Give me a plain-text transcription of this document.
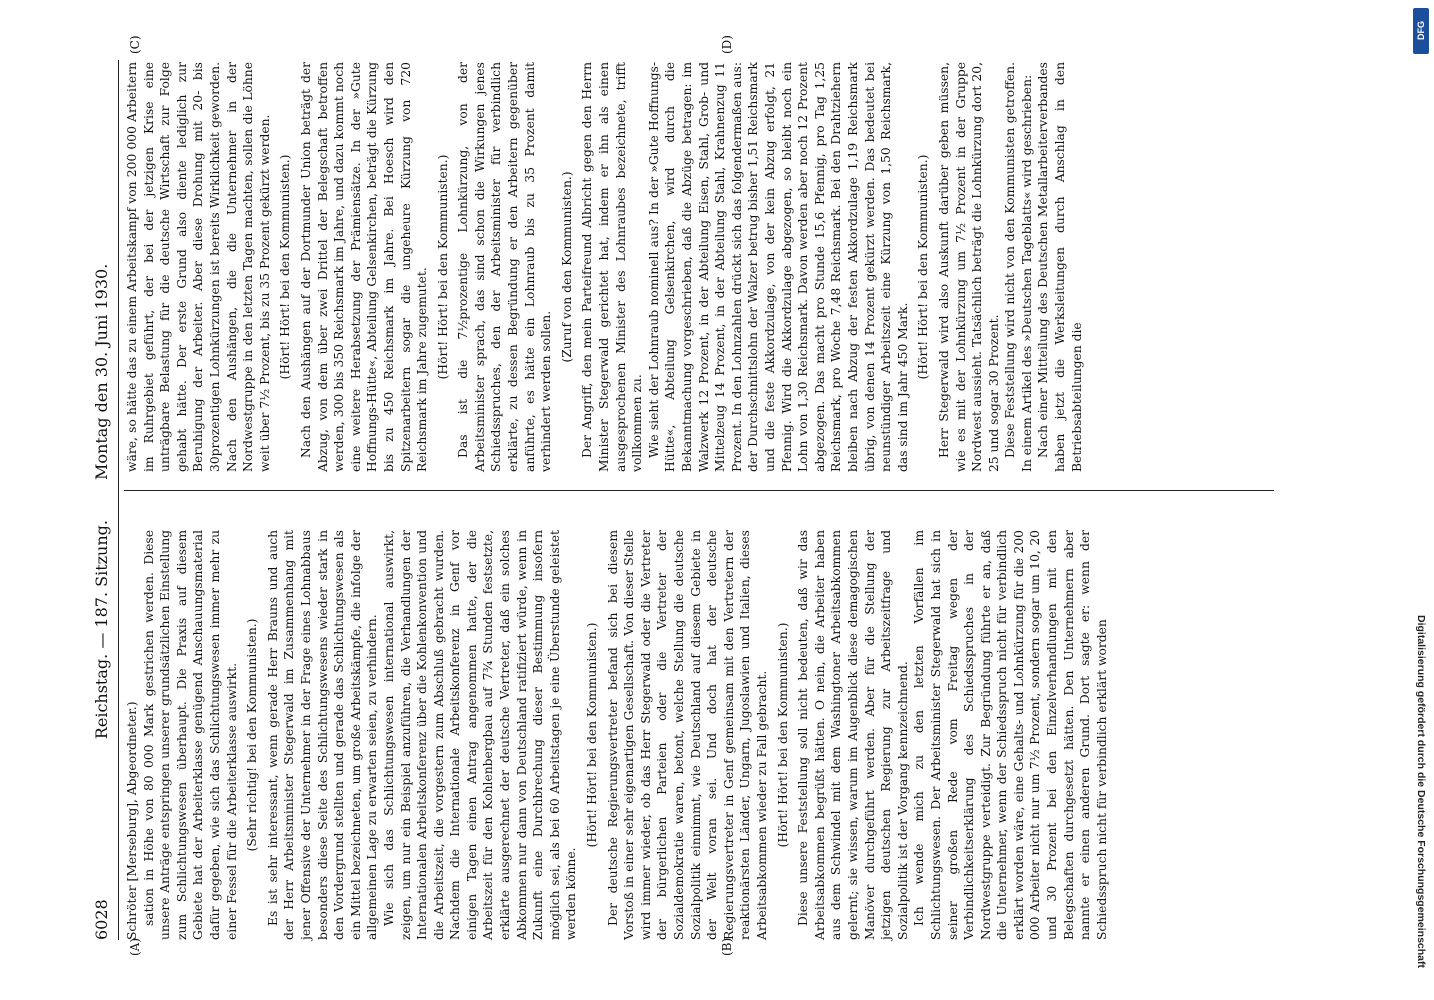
6028
Reichstag. — 187. Sitzung.
Montag den 30. Juni 1930.
(A)	(B)
(C)	(D)

Schröter [Merseburg], Abgeordneter.) sation in Höhe von 80 000 Mark gestrichen werden. Diese unsere Anträge entspringen unserer grundsätzlichen Einstellung zum Schlichtungswesen überhaupt. Die Praxis auf diesem Gebiete hat der Arbeiterklasse genügend Anschauungsmaterial dafür gegeben, wie sich das Schlichtungswesen immer mehr zu einer Fessel für die Arbeiterklasse auswirkt. (Sehr richtig! bei den Kommunisten.) Es ist sehr interessant, wenn gerade Herr Brauns und auch der Herr Arbeitsminister Stegerwald im Zusammenhang mit jener Offensive der Unternehmer in der Frage eines Lohnabbaus besonders diese Seite des Schlichtungswesens wieder stark in den Vordergrund stellten und gerade das Schlichtungswesen als ein Mittel bezeichneten, um große Arbeitskämpfe, die infolge der allgemeinen Lage zu erwarten seien, zu verhindern. Wie sich das Schlichtungswesen international auswirkt, zeigen, um nur ein Beispiel anzuführen, die Verhandlungen der Internationalen Arbeitskonferenz über die Kohlenkonvention und die Arbeitszeit, die vorgestern zum Abschluß gebracht wurden. Nachdem die Internationale Arbeitskonferenz in Genf vor einigen Tagen einen Antrag angenommen hatte, der die Arbeitszeit für den Kohlenbergbau auf 7¾ Stunden festsetzte, erklärte ausgerechnet der deutsche Vertreter, daß ein solches Abkommen nur dann von Deutschland ratifiziert würde, wenn in Zukunft eine Durchbrechung dieser Bestimmung insofern möglich sei, als bei 60 Arbeitstagen je eine Überstunde geleistet werden könne.

(Hört! Hört! bei den Kommunisten.) Der deutsche Regierungsvertreter befand sich bei diesem Vorstoß in einer sehr eigenartigen Gesellschaft. Von dieser Stelle wird immer wieder, ob das Herr Stegerwald oder die Vertreter der bürgerlichen Parteien oder die Vertreter der Sozialdemokratie waren, betont, welche Stellung die deutsche Sozialpolitik einnimmt, wie Deutschland auf diesem Gebiete in der Welt voran sei. Und doch hat der deutsche Regierungsvertreter in Genf gemeinsam mit den Vertretern der reaktionärsten Länder, Ungarn, Jugoslawien und Italien, dieses Arbeitsabkommen wieder zu Fall gebracht. (Hört! Hört! bei den Kommunisten.) Diese unsere Feststellung soll nicht bedeuten, daß wir das Arbeitsabkommen begrüßt hätten. O nein, die Arbeiter haben aus dem Schwindel mit dem Washingtoner Arbeitsabkommen gelernt; sie wissen, warum im Augenblick diese demagogischen Manöver durchgeführt werden. Aber für die Stellung der jetzigen deutschen Regierung zur Arbeitszeitfrage und Sozialpolitik ist der Vorgang kennzeichnend. Ich wende mich zu den letzten Vorfällen im Schlichtungswesen. Der Arbeitsminister Stegerwald hat sich in seiner großen Rede vom Freitag wegen der Verbindlichkeitserklärung des Schiedsspruches in der Nordwestgruppe verteidigt. Zur Begründung führte er an, daß die Unternehmer, wenn der Schiedsspruch nicht für verbindlich erklärt worden wäre, eine Gehalts- und Lohnkürzung für die 200 000 Arbeiter nicht nur um 7½ Prozent, sondern sogar um 10, 20 und 30 Prozent bei den Einzelverhandlungen mit den Belegschaften durchgesetzt hätten. Den Unternehmern aber nannte er einen anderen Grund. Dort sagte er: wenn der Schiedsspruch nicht für verbindlich erklärt worden

wäre, so hätte das zu einem Arbeitskampf von 200 000 Arbeitern im Ruhrgebiet geführt, der bei der jetzigen Krise eine unträgbare Belastung für die deutsche Wirtschaft zur Folge gehabt hätte. Der erste Grund also diente lediglich zur Beruhigung der Arbeiter. Aber diese Drohung mit 20- bis 30prozentigen Lohnkürzungen ist bereits Wirklichkeit geworden. Nach den Aushängen, die die Unternehmer in der Nordwestgruppe in den letzten Tagen machten, sollen die Löhne weit über 7½ Prozent, bis zu 35 Prozent gekürzt werden. (Hört! Hört! bei den Kommunisten.) Nach den Aushängen auf der Dortmunder Union beträgt der Abzug, von dem über zwei Drittel der Belegschaft betroffen werden, 300 bis 350 Reichsmark im Jahre, und dazu kommt noch eine weitere Herabsetzung der Prämiensätze. In der »Gute Hoffnungs-Hütte«, Abteilung Gelsenkirchen, beträgt die Kürzung bis zu 450 Reichsmark im Jahre. Bei Hoesch wird den Spitzenarbeitern sogar die ungeheure Kürzung von 720 Reichsmark im Jahre zugemutet. (Hört! Hört! bei den Kommunisten.) Das ist die 7½prozentige Lohnkürzung, von der Arbeitsminister sprach, das sind schon die Wirkungen jenes Schiedsspruches, den der Arbeitsminister für verbindlich erklärte, zu dessen Begründung er den Arbeitern gegenüber anführte, es hätte ein Lohnraub bis zu 35 Prozent damit verhindert werden sollen.

(Zuruf von den Kommunisten.) Der Angriff, den mein Parteifreund Albricht gegen den Herrn Minister Stegerwald gerichtet hat, indem er ihn als einen ausgesprochenen Minister des Lohnraubes bezeichnete, trifft vollkommen zu. Wie sieht der Lohnraub nominell aus? In der »Gute Hoffnungs-Hütte«, Abteilung Gelsenkirchen, wird durch die Bekanntmachung vorgeschrieben, daß die Abzüge betragen: im Walzwerk 12 Prozent, in der Abteilung Eisen, Stahl, Grob- und Mittelzeug 14 Prozent, in der Abteilung Stahl, Krahnenzug 11 Prozent. In den Lohnzahlen drückt sich das folgendermaßen aus: der Durchschnittslohn der Walzer betrug bisher 1,51 Reichsmark und die feste Akkordzulage, von der kein Abzug erfolgt, 21 Pfennig. Wird die Akkordzulage abgezogen, so bleibt noch ein Lohn von 1,30 Reichsmark. Davon werden aber noch 12 Prozent abgezogen. Das macht pro Stunde 15,6 Pfennig, pro Tag 1,25 Reichsmark, pro Woche 7,48 Reichsmark. Bei den Drahtziehern bleiben nach Abzug der festen Akkordzulage 1,19 Reichsmark übrig, von denen 14 Prozent gekürzt werden. Das bedeutet bei neunstündiger Arbeitszeit eine Kürzung von 1,50 Reichsmark, das sind im Jahr 450 Mark.

(Hört! Hört! bei den Kommunisten.) Herr Stegerwald wird also Auskunft darüber geben müssen, wie es mit der Lohnkürzung um 7½ Prozent in der Gruppe Nordwest aussieht. Tatsächlich beträgt die Lohnkürzung dort 20, 25 und sogar 30 Prozent. Diese Feststellung wird nicht von den Kommunisten getroffen. In einem Artikel des »Deutschen Tageblatts« wird geschrieben: Nach einer Mitteilung des Deutschen Metallarbeiterverbandes haben jetzt die Werksleitungen durch Anschlag in den Betriebsabteilungen die

DFG
Digitalisierung gefördert durch die Deutsche Forschungsgemeinschaft
